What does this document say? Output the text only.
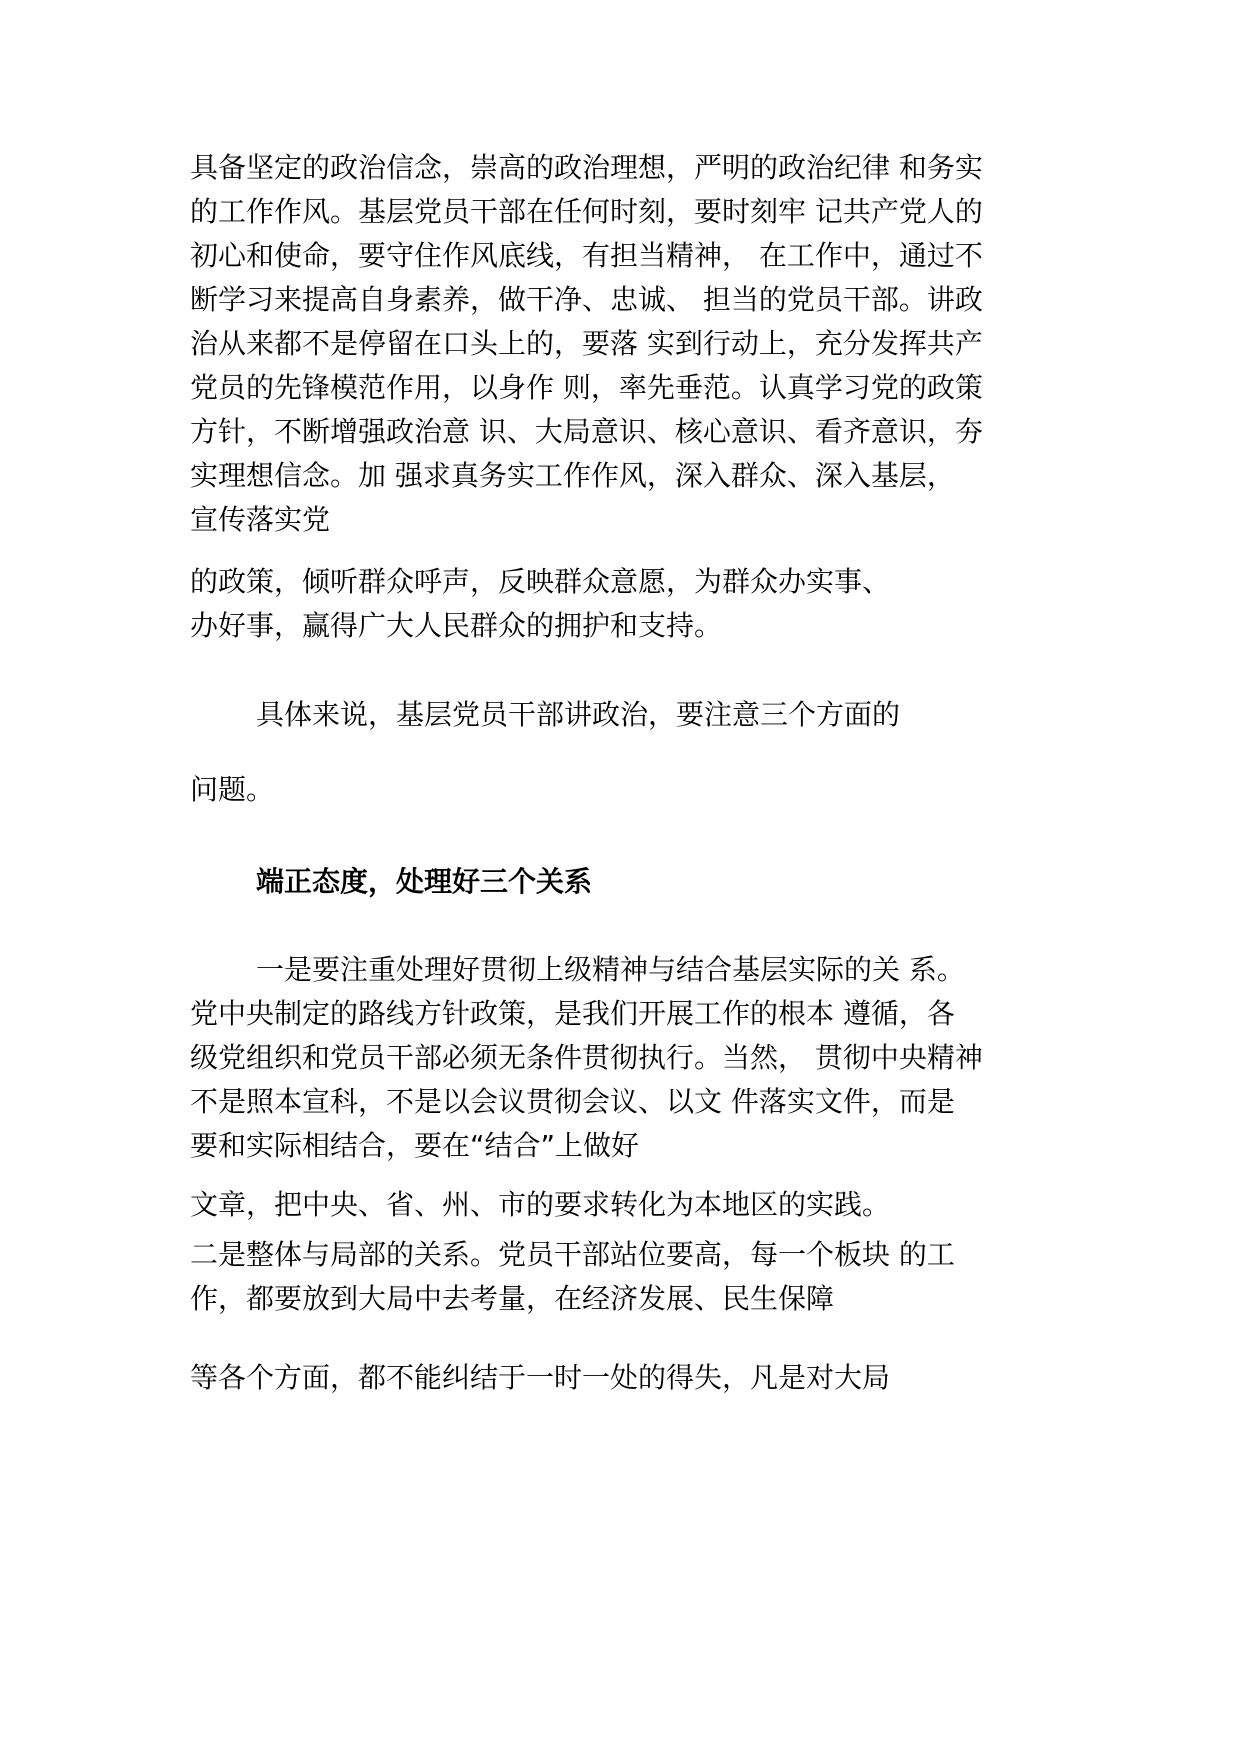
具备坚定的政治信念，崇高的政治理想，严明的政治纪律 和务实

的工作作风。基层党员干部在任何时刻，要时刻牢 记共产党人的

初心和使命，要守住作风底线，有担当精神， 在工作中，通过不

断学习来提高自身素养，做干净、忠诚、 担当的党员干部。讲政

治从来都不是停留在口头上的，要落 实到行动上，充分发挥共产

党员的先锋模范作用，以身作 则，率先垂范。认真学习党的政策

方针，不断增强政治意 识、大局意识、核心意识、看齐意识，夯

实理想信念。加 强求真务实工作作风，深入群众、深入基层，

宣传落实党

的政策，倾听群众呼声，反映群众意愿，为群众办实事、

办好事，赢得广大人民群众的拥护和支持。

具体来说，基层党员干部讲政治，要注意三个方面的

问题。

端正态度，处理好三个关系

一是要注重处理好贯彻上级精神与结合基层实际的关 系。

党中央制定的路线方针政策，是我们开展工作的根本 遵循，各

级党组织和党员干部必须无条件贯彻执行。当然， 贯彻中央精神

不是照本宣科，不是以会议贯彻会议、以文 件落实文件，而是

要和实际相结合，要在“结合”上做好

文章，把中央、省、州、市的要求转化为本地区的实践。

二是整体与局部的关系。党员干部站位要高，每一个板块 的工

作，都要放到大局中去考量，在经济发展、民生保障

等各个方面，都不能纠结于一时一处的得失，凡是对大局
